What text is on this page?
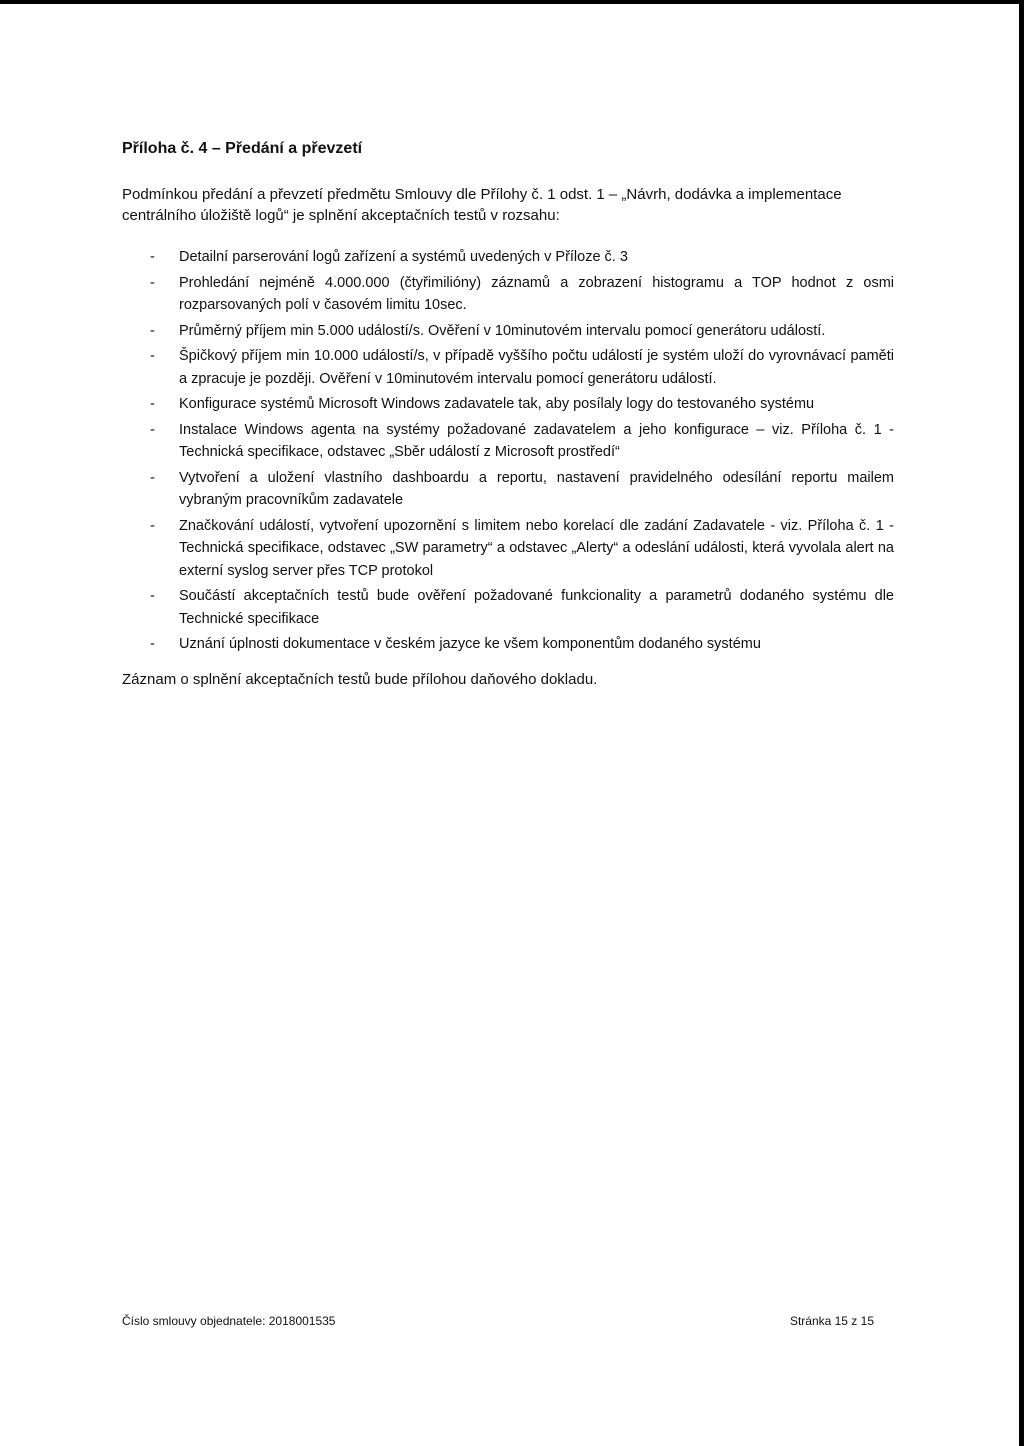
Příloha č. 4 – Předání a převzetí

Podmínkou předání a převzetí předmětu Smlouvy dle Přílohy č. 1 odst. 1 – „Návrh, dodávka a implementace centrálního úložiště logů“ je splnění akceptačních testů v rozsahu:

- Detailní parserování logů zařízení a systémů uvedených v Příloze č. 3
- Prohledání nejméně 4.000.000 (čtyřimilióny) záznamů a zobrazení histogramu a TOP hodnot z osmi rozparsovaných polí v časovém limitu 10sec.
- Průměrný příjem min 5.000 událostí/s. Ověření v 10minutovém intervalu pomocí generátoru událostí.
- Špičkový příjem min 10.000 událostí/s, v případě vyššího počtu událostí je systém uloží do vyrovnávací paměti a zpracuje je později. Ověření v 10minutovém intervalu pomocí generátoru událostí.
- Konfigurace systémů Microsoft Windows zadavatele tak, aby posílaly logy do testovaného systému
- Instalace Windows agenta na systémy požadované zadavatelem a jeho konfigurace – viz. Příloha č. 1 - Technická specifikace, odstavec „Sběr událostí z Microsoft prostředí“
- Vytvoření a uložení vlastního dashboardu a reportu, nastavení pravidelného odesílání reportu mailem vybraným pracovníkům zadavatele
- Značkování událostí, vytvoření upozornění s limitem nebo korelací dle zadání Zadavatele - viz. Příloha č. 1 - Technická specifikace, odstavec „SW parametry“ a odstavec „Alerty“ a odeslání události, která vyvolala alert na externí syslog server přes TCP protokol
- Součástí akceptačních testů bude ověření požadované funkcionality a parametrů dodaného systému dle Technické specifikace
- Uznání úplnosti dokumentace v českém jazyce ke všem komponentům dodaného systému

Záznam o splnění akceptačních testů bude přílohou daňového dokladu.

Číslo smlouvy objednatele: 2018001535	Stránka 15 z 15
